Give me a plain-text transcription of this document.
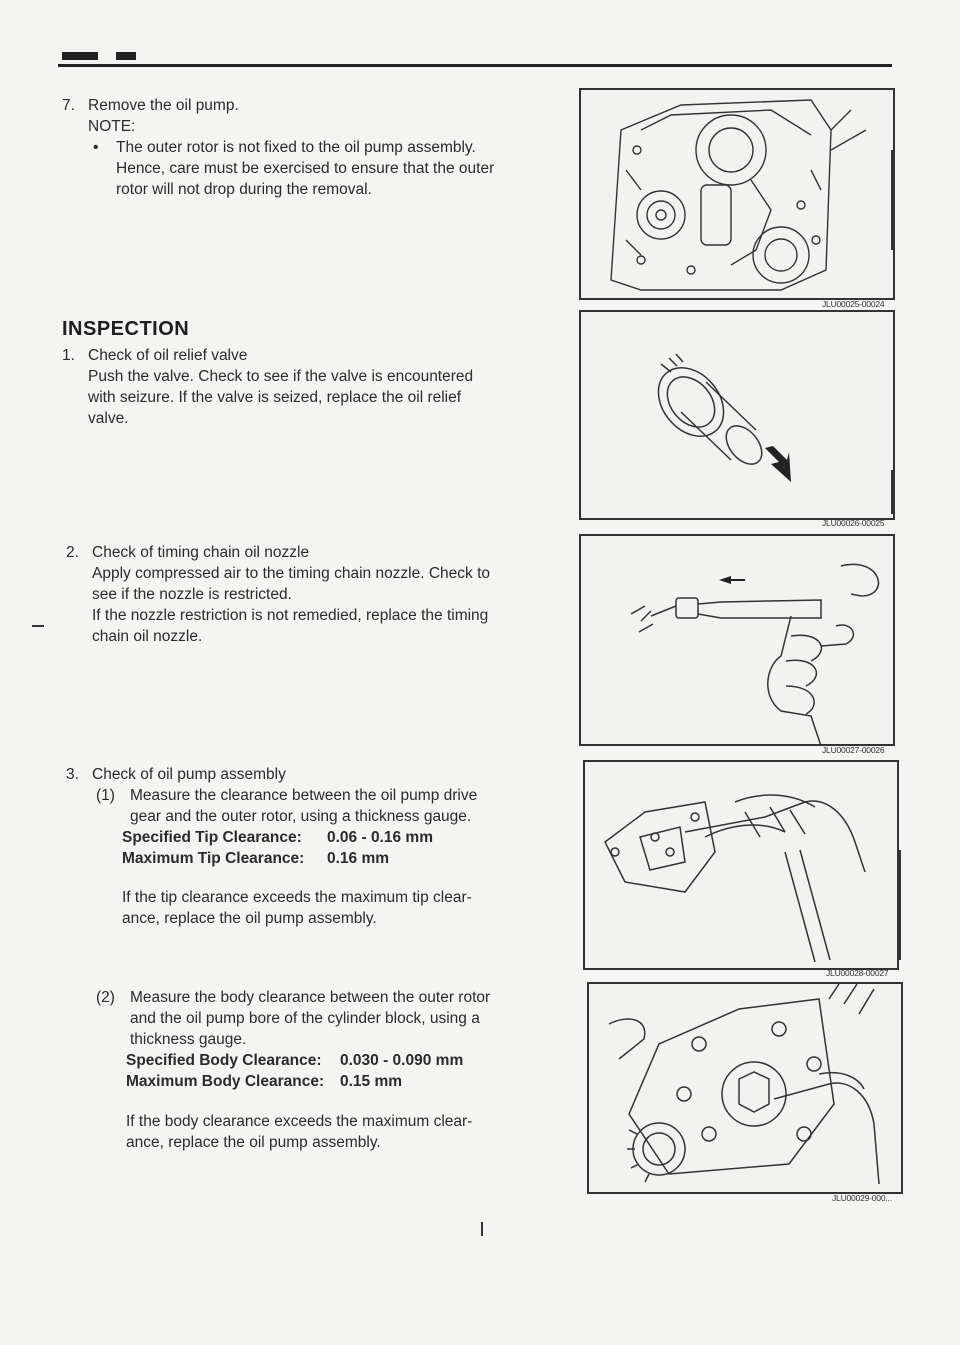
7. Remove the oil pump.
NOTE:
• The outer rotor is not fixed to the oil pump assembly.
Hence, care must be exercised to ensure that the outer
rotor will not drop during the removal.
JLU00025-00024
INSPECTION
1. Check of oil relief valve
Push the valve. Check to see if the valve is encountered
with seizure. If the valve is seized, replace the oil relief
valve.
JLU00026-00025
2. Check of timing chain oil nozzle
Apply compressed air to the timing chain nozzle. Check to
see if the nozzle is restricted.
If the nozzle restriction is not remedied, replace the timing
chain oil nozzle.
JLU00027-00026
3. Check of oil pump assembly
(1) Measure the clearance between the oil pump drive
gear and the outer rotor, using a thickness gauge.
Specified Tip Clearance: 0.06 - 0.16 mm
Maximum Tip Clearance: 0.16 mm
If the tip clearance exceeds the maximum tip clear-
ance, replace the oil pump assembly.
JLU00028-00027
(2) Measure the body clearance between the outer rotor
and the oil pump bore of the cylinder block, using a
thickness gauge.
Specified Body Clearance: 0.030 - 0.090 mm
Maximum Body Clearance: 0.15 mm
If the body clearance exceeds the maximum clear-
ance, replace the oil pump assembly.
JLU00029-000...
